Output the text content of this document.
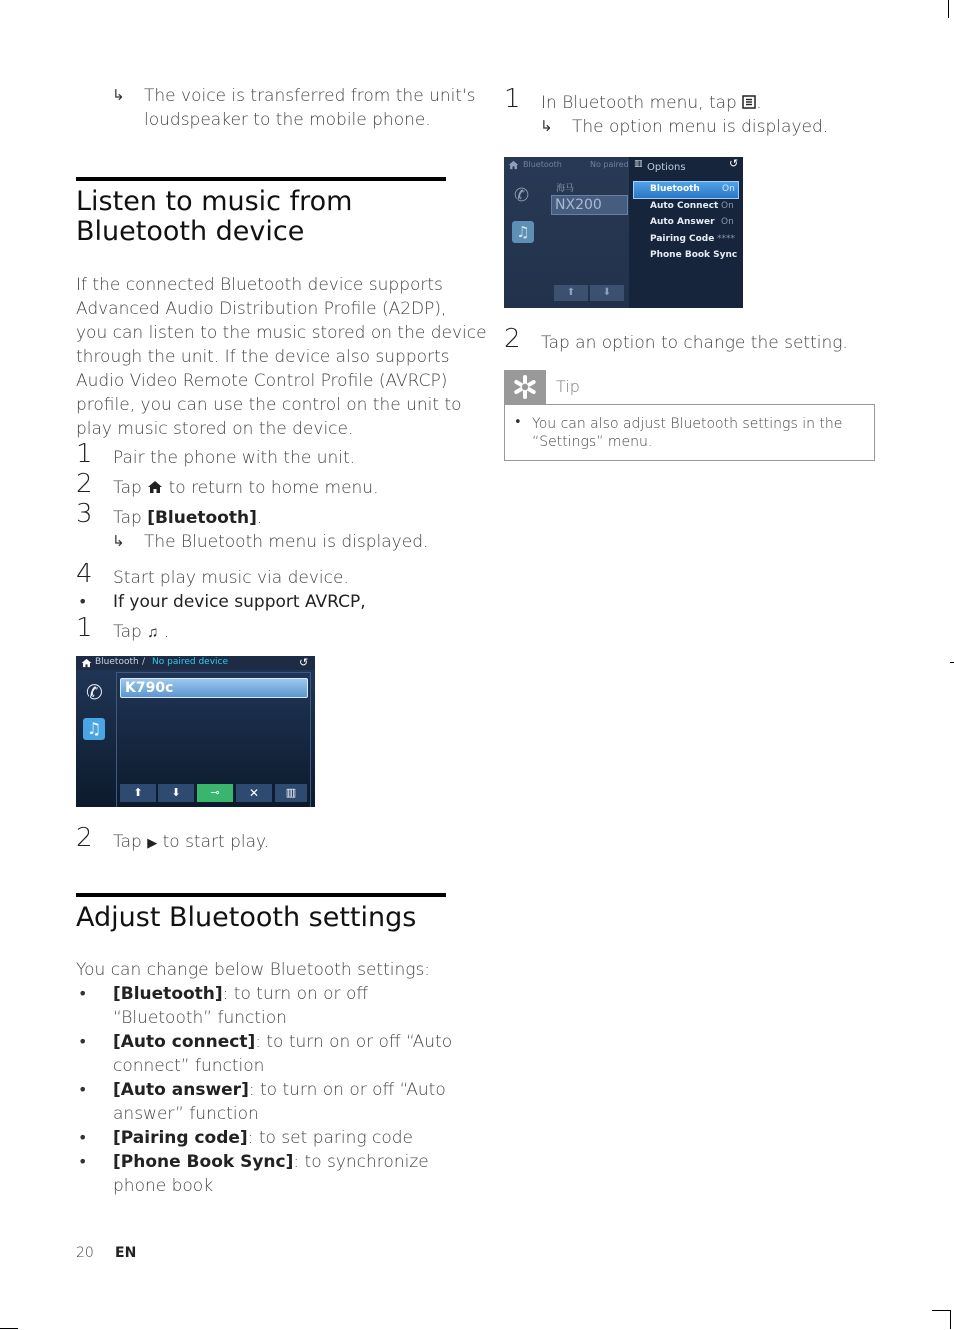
↳ The voice is transferred from the unit's
loudspeaker to the mobile phone.
Listen to music from
Bluetooth device
If the connected Bluetooth device supports
Advanced Audio Distribution Profile (A2DP),
you can listen to the music stored on the device
through the unit. If the device also supports
Audio Video Remote Control Profile (AVRCP)
profile, you can use the control on the unit to
play music stored on the device.
1 Pair the phone with the unit.
2 Tap to return to home menu.
3 Tap [Bluetooth].
↳ The Bluetooth menu is displayed.
4 Start play music via device.
• If your device support AVRCP,
1 Tap ♫ .
Bluetooth / No paired device	↺
✆
♫
K790c
⬆	⬇	⊸	✕	▥
2 Tap ▶ to start play.
Adjust Bluetooth settings
You can change below Bluetooth settings:
• [Bluetooth]: to turn on or off
“Bluetooth” function
• [Auto connect]: to turn on or off “Auto
connect” function
• [Auto answer]: to turn on or off “Auto
answer” function
• [Pairing code]: to set paring code
• [Phone Book Sync]: to synchronize
phone book
20 EN
1 In Bluetooth menu, tap .
↳ The option menu is displayed.
Bluetooth	No paired
✆
♫
海马
NX200
⬆	⬇
▥ Options	↺
Bluetooth On
Auto Connect On
Auto Answer On
Pairing Code ****
Phone Book Sync
2 Tap an option to change the setting.
Tip
• You can also adjust Bluetooth settings in the
“Settings” menu.
